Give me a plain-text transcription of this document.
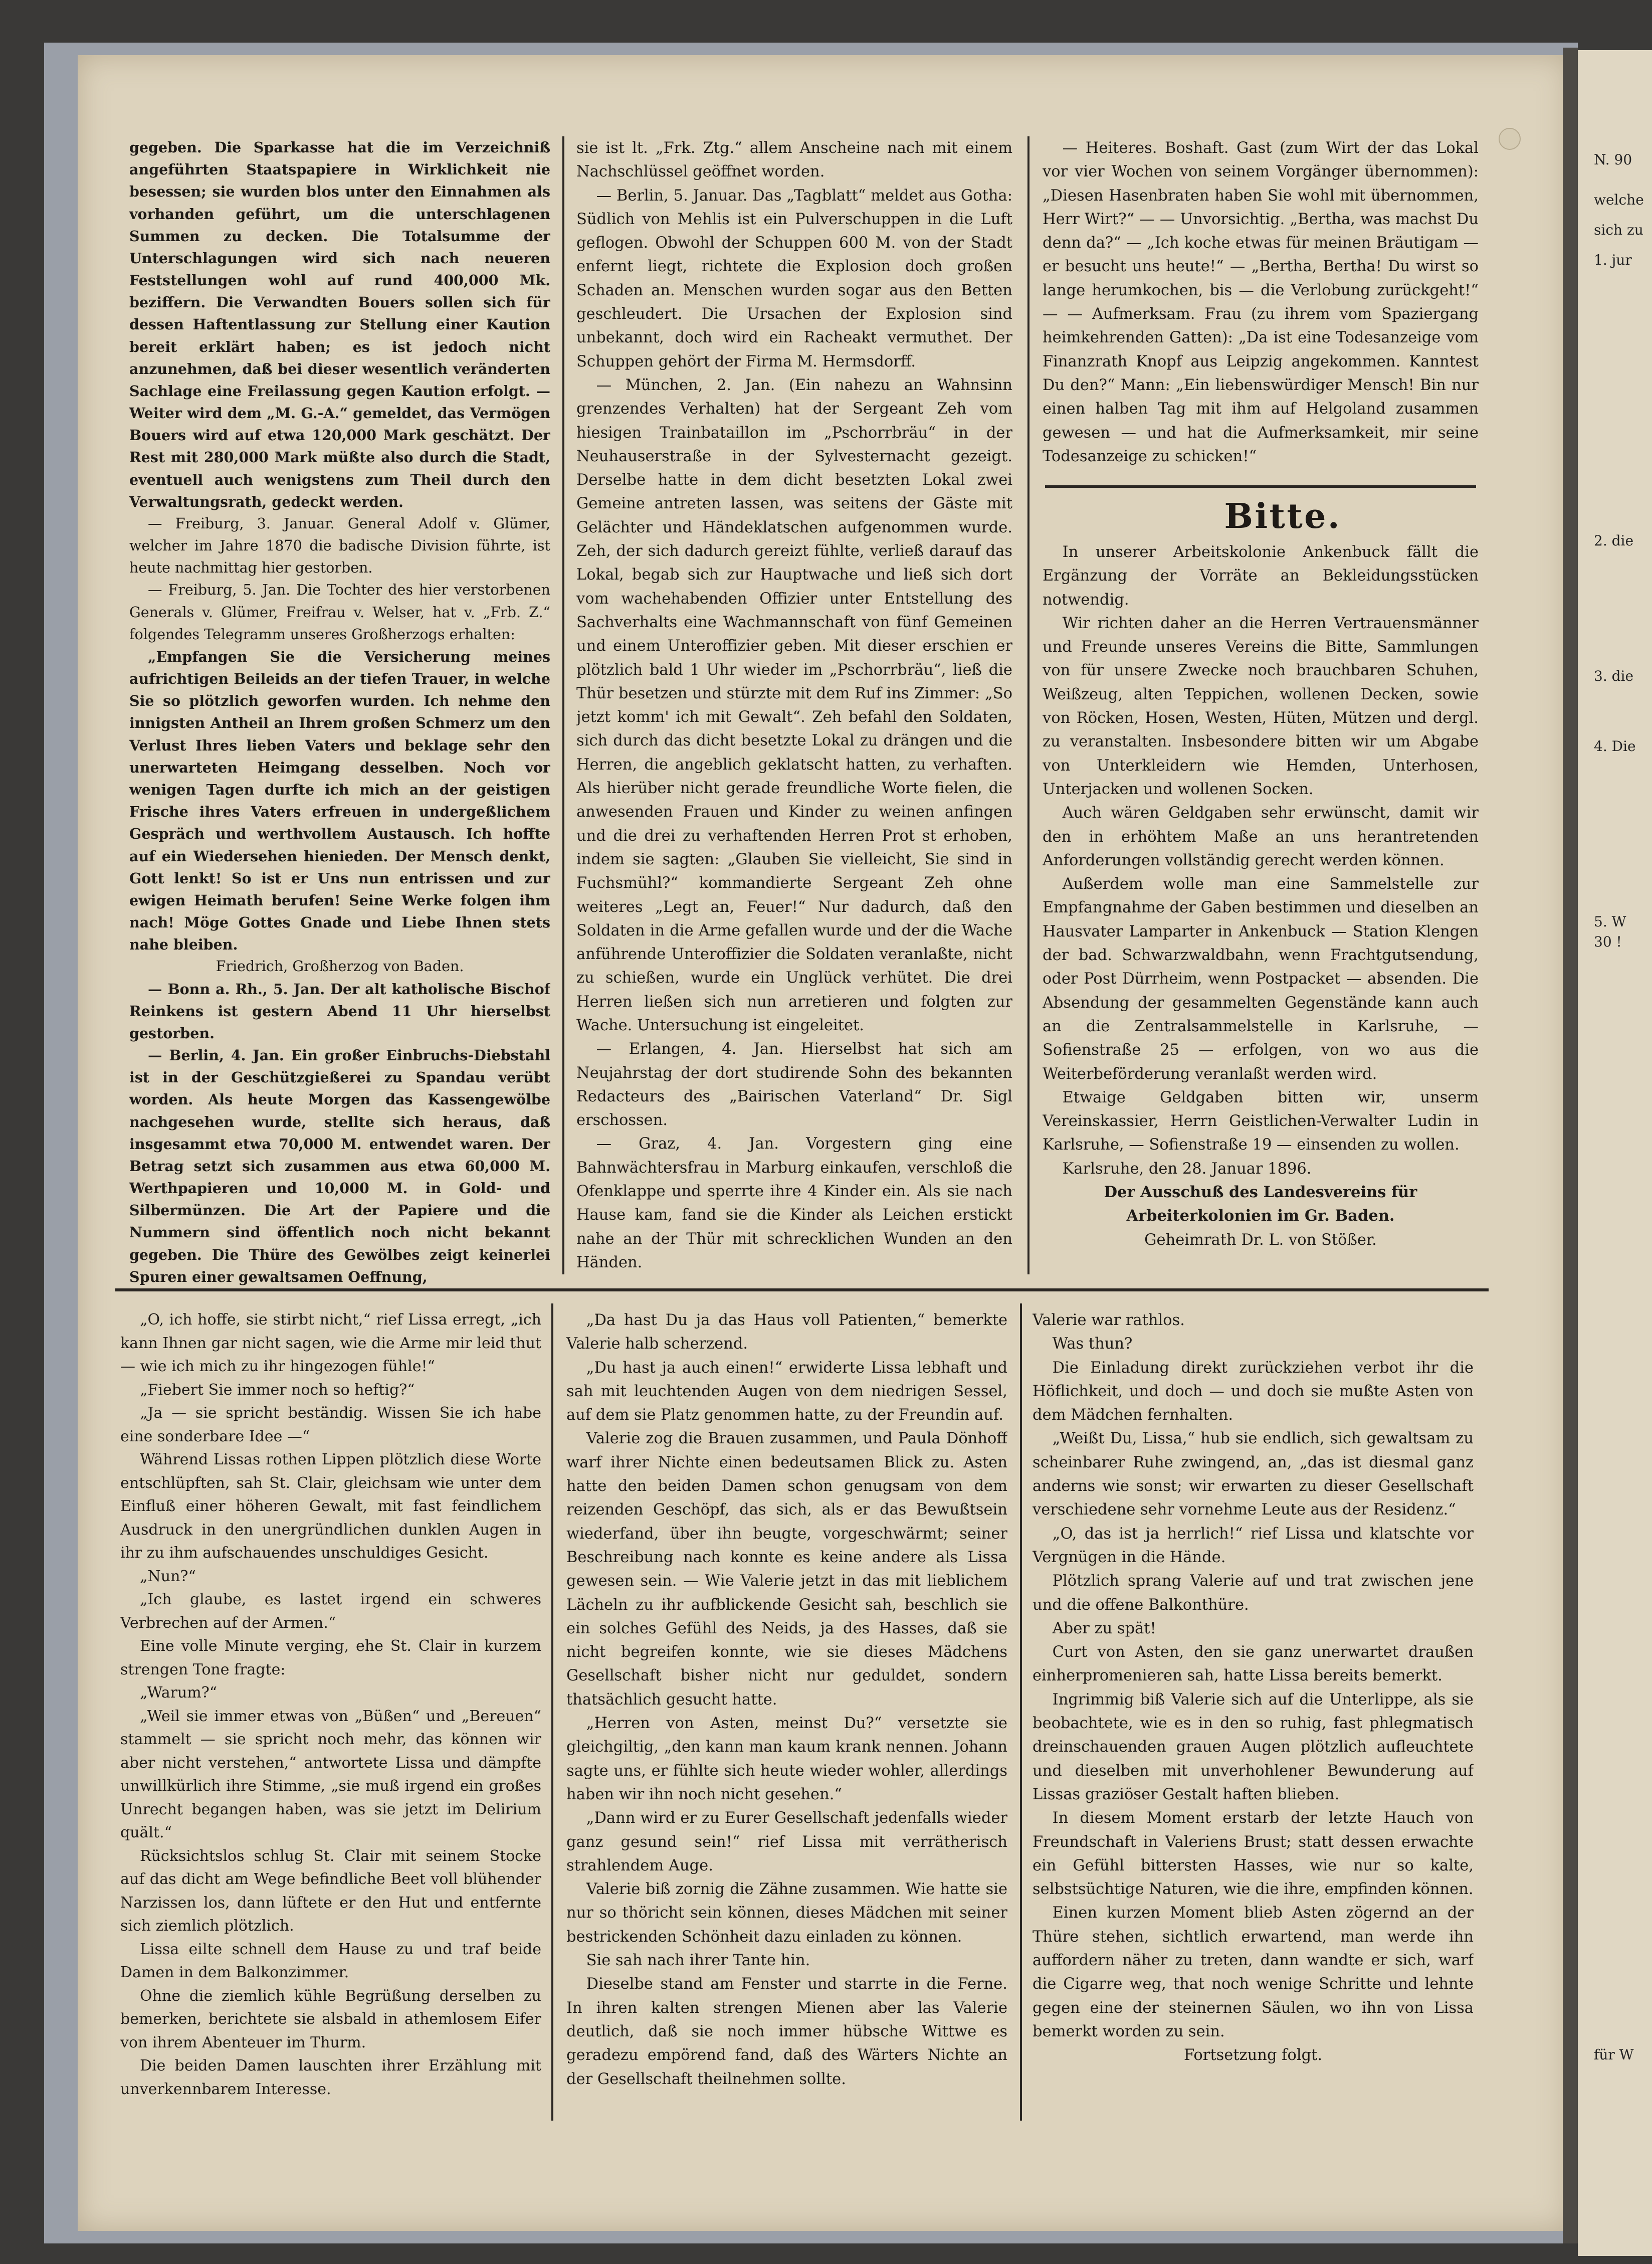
N. 90
welche
sich zu
1. jur
2. die
3. die
4. Die
5. W
30 !
für W

gegeben. Die Sparkasse hat die im Verzeichniß angeführten Staatspapiere in Wirklichkeit nie besessen; sie wurden blos unter den Einnahmen als vorhanden geführt, um die unterschlagenen Summen zu decken. Die Totalsumme der Unterschlagungen wird sich nach neueren Feststellungen wohl auf rund 400,000 Mk. beziffern. Die Verwandten Bouers sollen sich für dessen Haftentlassung zur Stellung einer Kaution bereit erklärt haben; es ist jedoch nicht anzunehmen, daß bei dieser wesentlich veränderten Sachlage eine Freilassung gegen Kaution erfolgt. — Weiter wird dem „M. G.-A.“ gemeldet, das Vermögen Bouers wird auf etwa 120,000 Mark geschätzt. Der Rest mit 280,000 Mark müßte also durch die Stadt, eventuell auch wenigstens zum Theil durch den Verwaltungsrath, gedeckt werden.

— Freiburg, 3. Januar. General Adolf v. Glümer, welcher im Jahre 1870 die badische Division führte, ist heute nachmittag hier gestorben.

— Freiburg, 5. Jan. Die Tochter des hier verstorbenen Generals v. Glümer, Freifrau v. Welser, hat v. „Frb. Z.“ folgendes Telegramm unseres Großherzogs erhalten:

„Empfangen Sie die Versicherung meines aufrichtigen Beileids an der tiefen Trauer, in welche Sie so plötzlich geworfen wurden. Ich nehme den innigsten Antheil an Ihrem großen Schmerz um den Verlust Ihres lieben Vaters und beklage sehr den unerwarteten Heimgang desselben. Noch vor wenigen Tagen durfte ich mich an der geistigen Frische ihres Vaters erfreuen in undergeßlichem Gespräch und werthvollem Austausch. Ich hoffte auf ein Wiedersehen hienieden. Der Mensch denkt, Gott lenkt! So ist er Uns nun entrissen und zur ewigen Heimath berufen! Seine Werke folgen ihm nach! Möge Gottes Gnade und Liebe Ihnen stets nahe bleiben.

Friedrich, Großherzog von Baden.

— Bonn a. Rh., 5. Jan. Der alt katholische Bischof Reinkens ist gestern Abend 11 Uhr hierselbst gestorben.

— Berlin, 4. Jan. Ein großer Einbruchs-Diebstahl ist in der Geschützgießerei zu Spandau verübt worden. Als heute Morgen das Kassengewölbe nachgesehen wurde, stellte sich heraus, daß insgesammt etwa 70,000 M. entwendet waren. Der Betrag setzt sich zusammen aus etwa 60,000 M. Werthpapieren und 10,000 M. in Gold- und Silbermünzen. Die Art der Papiere und die Nummern sind öffentlich noch nicht bekannt gegeben. Die Thüre des Gewölbes zeigt keinerlei Spuren einer gewaltsamen Oeffnung,

sie ist lt. „Frk. Ztg.“ allem Anscheine nach mit einem Nachschlüssel geöffnet worden.

— Berlin, 5. Januar. Das „Tagblatt“ meldet aus Gotha: Südlich von Mehlis ist ein Pulverschuppen in die Luft geflogen. Obwohl der Schuppen 600 M. von der Stadt enfernt liegt, richtete die Explosion doch großen Schaden an. Menschen wurden sogar aus den Betten geschleudert. Die Ursachen der Explosion sind unbekannt, doch wird ein Racheakt vermuthet. Der Schuppen gehört der Firma M. Hermsdorff.

— München, 2. Jan. (Ein nahezu an Wahnsinn grenzendes Verhalten) hat der Sergeant Zeh vom hiesigen Trainbataillon im „Pschorrbräu“ in der Neuhauserstraße in der Sylvesternacht gezeigt. Derselbe hatte in dem dicht besetzten Lokal zwei Gemeine antreten lassen, was seitens der Gäste mit Gelächter und Händeklatschen aufgenommen wurde. Zeh, der sich dadurch gereizt fühlte, verließ darauf das Lokal, begab sich zur Hauptwache und ließ sich dort vom wachehabenden Offizier unter Entstellung des Sachverhalts eine Wachmannschaft von fünf Gemeinen und einem Unteroffizier geben. Mit dieser erschien er plötzlich bald 1 Uhr wieder im „Pschorrbräu“, ließ die Thür besetzen und stürzte mit dem Ruf ins Zimmer: „So jetzt komm' ich mit Gewalt“. Zeh befahl den Soldaten, sich durch das dicht besetzte Lokal zu drängen und die Herren, die angeblich geklatscht hatten, zu verhaften. Als hierüber nicht gerade freundliche Worte fielen, die anwesenden Frauen und Kinder zu weinen anfingen und die drei zu verhaftenden Herren Prot st erhoben, indem sie sagten: „Glauben Sie vielleicht, Sie sind in Fuchsmühl?“ kommandierte Sergeant Zeh ohne weiteres „Legt an, Feuer!“ Nur dadurch, daß den Soldaten in die Arme gefallen wurde und der die Wache anführende Unteroffizier die Soldaten veranlaßte, nicht zu schießen, wurde ein Unglück verhütet. Die drei Herren ließen sich nun arretieren und folgten zur Wache. Untersuchung ist eingeleitet.

— Erlangen, 4. Jan. Hierselbst hat sich am Neujahrstag der dort studirende Sohn des bekannten Redacteurs des „Bairischen Vaterland“ Dr. Sigl erschossen.

— Graz, 4. Jan. Vorgestern ging eine Bahnwächtersfrau in Marburg einkaufen, verschloß die Ofenklappe und sperrte ihre 4 Kinder ein. Als sie nach Hause kam, fand sie die Kinder als Leichen erstickt nahe an der Thür mit schrecklichen Wunden an den Händen.

— Heiteres. Boshaft. Gast (zum Wirt der das Lokal vor vier Wochen von seinem Vorgänger übernommen): „Diesen Hasenbraten haben Sie wohl mit übernommen, Herr Wirt?“ — — Unvorsichtig. „Bertha, was machst Du denn da?“ — „Ich koche etwas für meinen Bräutigam — er besucht uns heute!“ — „Bertha, Bertha! Du wirst so lange herumkochen, bis — die Verlobung zurückgeht!“ — — Aufmerksam. Frau (zu ihrem vom Spaziergang heimkehrenden Gatten): „Da ist eine Todesanzeige vom Finanzrath Knopf aus Leipzig angekommen. Kanntest Du den?“ Mann: „Ein liebenswürdiger Mensch! Bin nur einen halben Tag mit ihm auf Helgoland zusammen gewesen — und hat die Aufmerksamkeit, mir seine Todesanzeige zu schicken!“

Bitte.

In unserer Arbeitskolonie Ankenbuck fällt die Ergänzung der Vorräte an Bekleidungsstücken notwendig.

Wir richten daher an die Herren Vertrauensmänner und Freunde unseres Vereins die Bitte, Sammlungen von für unsere Zwecke noch brauchbaren Schuhen, Weißzeug, alten Teppichen, wollenen Decken, sowie von Röcken, Hosen, Westen, Hüten, Mützen und dergl. zu veranstalten. Insbesondere bitten wir um Abgabe von Unterkleidern wie Hemden, Unterhosen, Unterjacken und wollenen Socken.

Auch wären Geldgaben sehr erwünscht, damit wir den in erhöhtem Maße an uns herantretenden Anforderungen vollständig gerecht werden können.

Außerdem wolle man eine Sammelstelle zur Empfangnahme der Gaben bestimmen und dieselben an Hausvater Lamparter in Ankenbuck — Station Klengen der bad. Schwarzwaldbahn, wenn Frachtgutsendung, oder Post Dürrheim, wenn Postpacket — absenden. Die Absendung der gesammelten Gegenstände kann auch an die Zentralsammelstelle in Karlsruhe, — Sofienstraße 25 — erfolgen, von wo aus die Weiterbeförderung veranlaßt werden wird.

Etwaige Geldgaben bitten wir, unserm Vereinskassier, Herrn Geistlichen-Verwalter Ludin in Karlsruhe, — Sofienstraße 19 — einsenden zu wollen.

Karlsruhe, den 28. Januar 1896.

Der Ausschuß des Landesvereins für Arbeiterkolonien im Gr. Baden.

Geheimrath Dr. L. von Stößer.

„O, ich hoffe, sie stirbt nicht,“ rief Lissa erregt, „ich kann Ihnen gar nicht sagen, wie die Arme mir leid thut — wie ich mich zu ihr hingezogen fühle!“

„Fiebert Sie immer noch so heftig?“

„Ja — sie spricht beständig. Wissen Sie ich habe eine sonderbare Idee —“

Während Lissas rothen Lippen plötzlich diese Worte entschlüpften, sah St. Clair, gleichsam wie unter dem Einfluß einer höheren Gewalt, mit fast feindlichem Ausdruck in den unergründlichen dunklen Augen in ihr zu ihm aufschauendes unschuldiges Gesicht.

„Nun?“

„Ich glaube, es lastet irgend ein schweres Verbrechen auf der Armen.“

Eine volle Minute verging, ehe St. Clair in kurzem strengen Tone fragte:

„Warum?“

„Weil sie immer etwas von „Büßen“ und „Bereuen“ stammelt — sie spricht noch mehr, das können wir aber nicht verstehen,“ antwortete Lissa und dämpfte unwillkürlich ihre Stimme, „sie muß irgend ein großes Unrecht begangen haben, was sie jetzt im Delirium quält.“

Rücksichtslos schlug St. Clair mit seinem Stocke auf das dicht am Wege befindliche Beet voll blühender Narzissen los, dann lüftete er den Hut und entfernte sich ziemlich plötzlich.

Lissa eilte schnell dem Hause zu und traf beide Damen in dem Balkonzimmer.

Ohne die ziemlich kühle Begrüßung derselben zu bemerken, berichtete sie alsbald in athemlosem Eifer von ihrem Abenteuer im Thurm.

Die beiden Damen lauschten ihrer Erzählung mit unverkennbarem Interesse.

„Da hast Du ja das Haus voll Patienten,“ bemerkte Valerie halb scherzend.

„Du hast ja auch einen!“ erwiderte Lissa lebhaft und sah mit leuchtenden Augen von dem niedrigen Sessel, auf dem sie Platz genommen hatte, zu der Freundin auf.

Valerie zog die Brauen zusammen, und Paula Dönhoff warf ihrer Nichte einen bedeutsamen Blick zu. Asten hatte den beiden Damen schon genugsam von dem reizenden Geschöpf, das sich, als er das Bewußtsein wiederfand, über ihn beugte, vorgeschwärmt; seiner Beschreibung nach konnte es keine andere als Lissa gewesen sein. — Wie Valerie jetzt in das mit lieblichem Lächeln zu ihr aufblickende Gesicht sah, beschlich sie ein solches Gefühl des Neids, ja des Hasses, daß sie nicht begreifen konnte, wie sie dieses Mädchens Gesellschaft bisher nicht nur geduldet, sondern thatsächlich gesucht hatte.

„Herren von Asten, meinst Du?“ versetzte sie gleichgiltig, „den kann man kaum krank nennen. Johann sagte uns, er fühlte sich heute wieder wohler, allerdings haben wir ihn noch nicht gesehen.“

„Dann wird er zu Eurer Gesellschaft jedenfalls wieder ganz gesund sein!“ rief Lissa mit verrätherisch strahlendem Auge.

Valerie biß zornig die Zähne zusammen. Wie hatte sie nur so thöricht sein können, dieses Mädchen mit seiner bestrickenden Schönheit dazu einladen zu können.

Sie sah nach ihrer Tante hin.

Dieselbe stand am Fenster und starrte in die Ferne. In ihren kalten strengen Mienen aber las Valerie deutlich, daß sie noch immer hübsche Wittwe es geradezu empörend fand, daß des Wärters Nichte an der Gesellschaft theilnehmen sollte.

Valerie war rathlos.

Was thun?

Die Einladung direkt zurückziehen verbot ihr die Höflichkeit, und doch — und doch sie mußte Asten von dem Mädchen fernhalten.

„Weißt Du, Lissa,“ hub sie endlich, sich gewaltsam zu scheinbarer Ruhe zwingend, an, „das ist diesmal ganz anderns wie sonst; wir erwarten zu dieser Gesellschaft verschiedene sehr vornehme Leute aus der Residenz.“

„O, das ist ja herrlich!“ rief Lissa und klatschte vor Vergnügen in die Hände.

Plötzlich sprang Valerie auf und trat zwischen jene und die offene Balkonthüre.

Aber zu spät!

Curt von Asten, den sie ganz unerwartet draußen einherpromenieren sah, hatte Lissa bereits bemerkt.

Ingrimmig biß Valerie sich auf die Unterlippe, als sie beobachtete, wie es in den so ruhig, fast phlegmatisch dreinschauenden grauen Augen plötzlich aufleuchtete und dieselben mit unverhohlener Bewunderung auf Lissas graziöser Gestalt haften blieben.

In diesem Moment erstarb der letzte Hauch von Freundschaft in Valeriens Brust; statt dessen erwachte ein Gefühl bittersten Hasses, wie nur so kalte, selbstsüchtige Naturen, wie die ihre, empfinden können.

Einen kurzen Moment blieb Asten zögernd an der Thüre stehen, sichtlich erwartend, man werde ihn auffordern näher zu treten, dann wandte er sich, warf die Cigarre weg, that noch wenige Schritte und lehnte gegen eine der steinernen Säulen, wo ihn von Lissa bemerkt worden zu sein.

Fortsetzung folgt.
